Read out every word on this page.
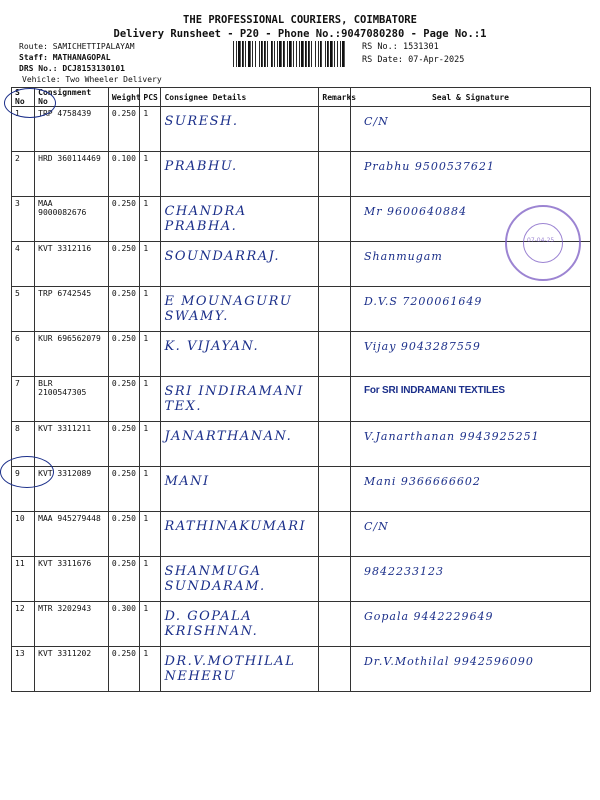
THE PROFESSIONAL COURIERS, COIMBATORE
Delivery Runsheet - P20 - Phone No.:9047080280 - Page No.:1
Route: SAMICHETTIPALAYAM
Staff: MATHANAGOPAL
DRS No.: DCJ8153130101
Vehicle: Two Wheeler Delivery
RS No.: 1531301
RS Date: 07-Apr-2025
S No	Consignment No	Weight	PCS	Consignee Details	Remarks	Seal & Signature
1	TRP 4758439	0.250	1	SURESH.		C/N

2	HRD 360114469	0.100	1	PRABHU.		Prabhu 9500537621

3	MAA 9000082676	0.250	1	CHANDRA PRABHA.		Mr 9600640884

4	KVT 3312116	0.250	1	SOUNDARRAJ.		Shanmugam

5	TRP 6742545	0.250	1	E MOUNAGURU SWAMY.		D.V.S 7200061649

6	KUR 696562079	0.250	1	K. VIJAYAN.		Vijay 9043287559

7	BLR 2100547305	0.250	1	SRI INDIRAMANI TEX.		For SRI INDRAMANI TEXTILES

8	KVT 3311211	0.250	1	JANARTHANAN.		V.Janarthanan 9943925251

9	KVT 3312089	0.250	1	MANI		Mani 9366666602

10	MAA 945279448	0.250	1	RATHINAKUMARI		C/N

11	KVT 3311676	0.250	1	SHANMUGA SUNDARAM.		9842233123

12	MTR 3202943	0.300	1	D. GOPALA KRISHNAN.		Gopala 9442229649

13	KVT 3311202	0.250	1	DR.V.MOTHILAL NEHERU		Dr.V.Mothilal 9942596090
07-04-25
